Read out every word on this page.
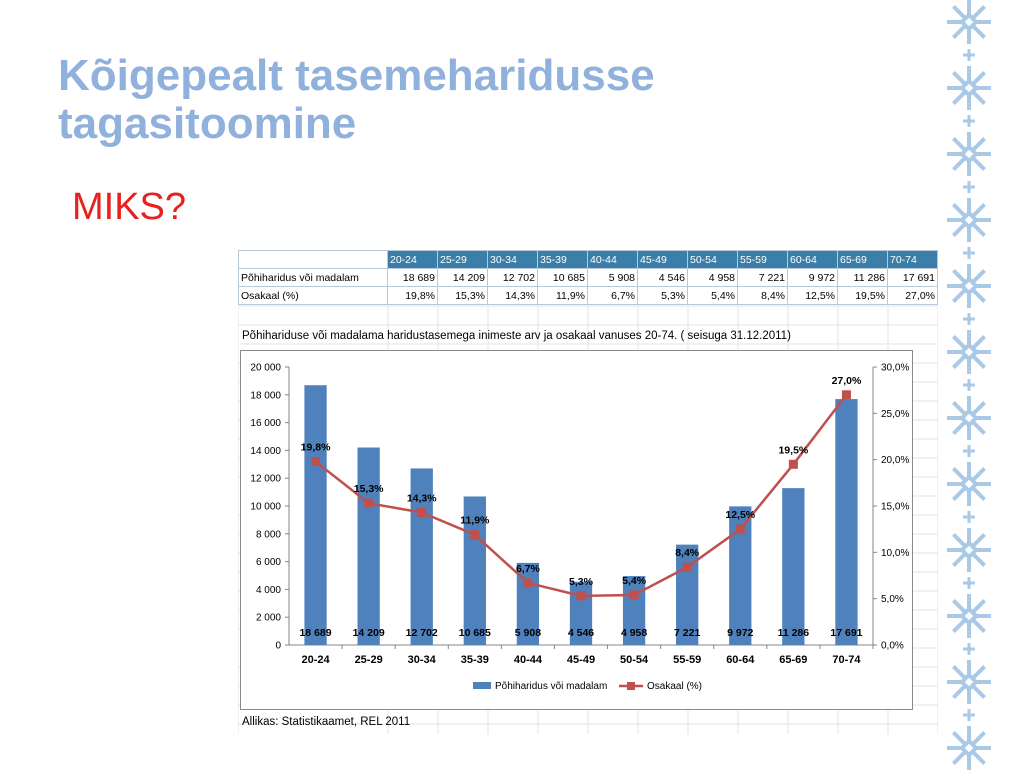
Kõigepealt tasemeharidusse
tagasitoomine
MIKS?
	20-24	25-29	30-34	35-39	40-44	45-49	50-54	55-59	60-64	65-69	70-74
Põhiharidus või madalam	18 689	14 209	12 702	10 685	5 908	4 546	4 958	7 221	9 972	11 286	17 691
Osakaal (%)	19,8%	15,3%	14,3%	11,9%	6,7%	5,3%	5,4%	8,4%	12,5%	19,5%	27,0%
Põhihariduse või madalama haridustasemega inimeste arv ja osakaal vanuses 20-74. ( seisuga 31.12.2011)
0
2 000
4 000
6 000
8 000
10 000
12 000
14 000
16 000
18 000
20 000
0,0%
5,0%
10,0%
15,0%
20,0%
25,0%
30,0%
20-24
18 689
25-29
14 209
30-34
12 702
35-39
10 685
40-44
5 908
45-49
4 546
50-54
4 958
55-59
7 221
60-64
9 972
65-69
11 286
70-74
17 691
19,8%
15,3%
14,3%
11,9%
6,7%
5,3%	5,4%
8,4%
12,5%
19,5%
27,0%
Põhiharidus või madalam	Osakaal (%)
Allikas: Statistikaamet, REL 2011
